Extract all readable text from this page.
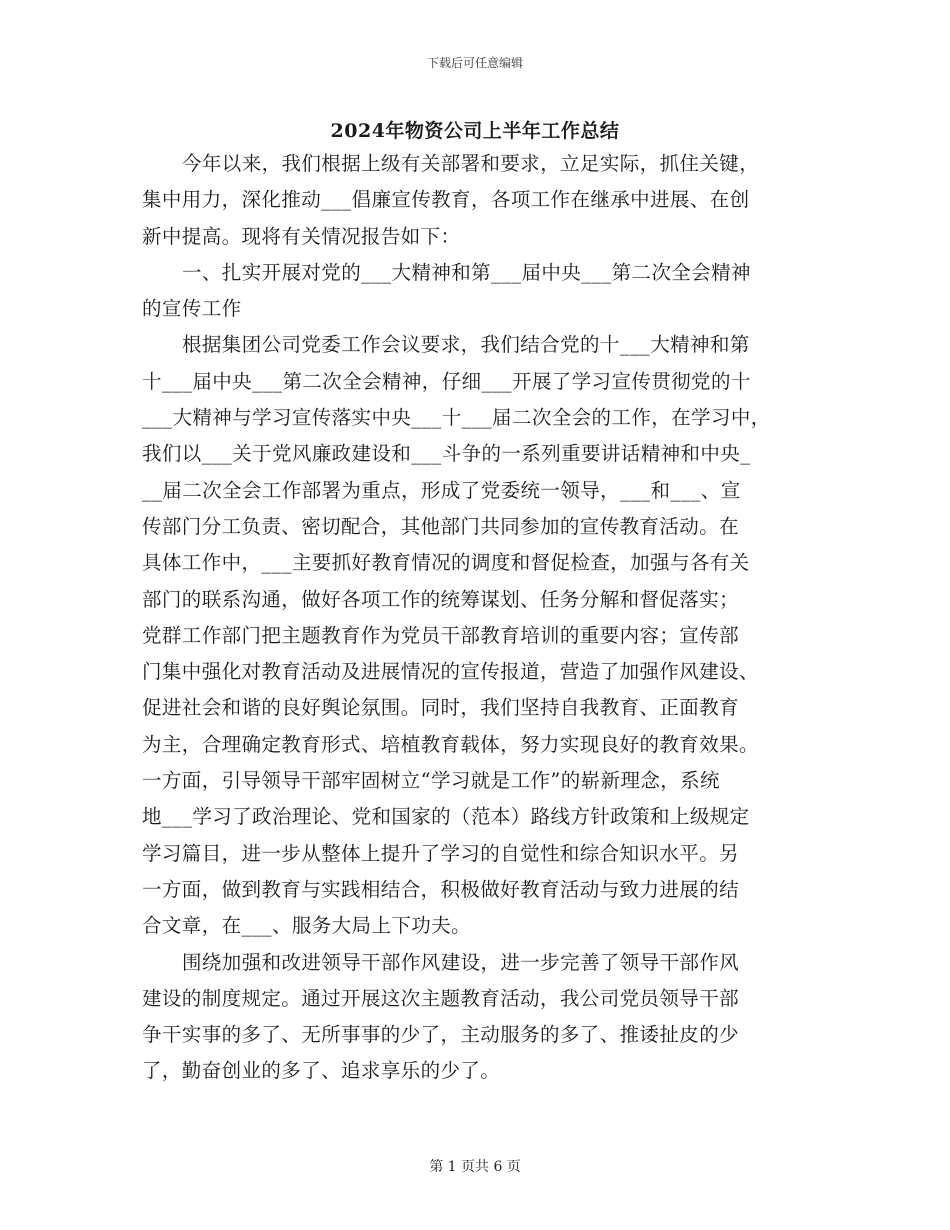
下载后可任意编辑
2024年物资公司上半年工作总结
今年以来，我们根据上级有关部署和要求，立足实际，抓住关键，
集中用力，深化推动___倡廉宣传教育，各项工作在继承中进展、在创
新中提高。现将有关情况报告如下：
一、扎实开展对党的___大精神和第___届中央___第二次全会精神
的宣传工作
根据集团公司党委工作会议要求，我们结合党的十___大精神和第
十___届中央___第二次全会精神，仔细___开展了学习宣传贯彻党的十
___大精神与学习宣传落实中央___十___届二次全会的工作，在学习中，
我们以___关于党风廉政建设和___斗争的一系列重要讲话精神和中央_
__届二次全会工作部署为重点，形成了党委统一领导，___和___、宣
传部门分工负责、密切配合，其他部门共同参加的宣传教育活动。在
具体工作中，___主要抓好教育情况的调度和督促检查，加强与各有关
部门的联系沟通，做好各项工作的统筹谋划、任务分解和督促落实；
党群工作部门把主题教育作为党员干部教育培训的重要内容；宣传部
门集中强化对教育活动及进展情况的宣传报道，营造了加强作风建设、
促进社会和谐的良好舆论氛围。同时，我们坚持自我教育、正面教育
为主，合理确定教育形式、培植教育载体，努力实现良好的教育效果。
一方面，引导领导干部牢固树立“学习就是工作”的崭新理念，系统
地___学习了政治理论、党和国家的（范本）路线方针政策和上级规定
学习篇目，进一步从整体上提升了学习的自觉性和综合知识水平。另
一方面，做到教育与实践相结合，积极做好教育活动与致力进展的结
合文章，在___、服务大局上下功夫。
围绕加强和改进领导干部作风建设，进一步完善了领导干部作风
建设的制度规定。通过开展这次主题教育活动，我公司党员领导干部
争干实事的多了、无所事事的少了，主动服务的多了、推诿扯皮的少
了，勤奋创业的多了、追求享乐的少了。
第 1 页共 6 页
